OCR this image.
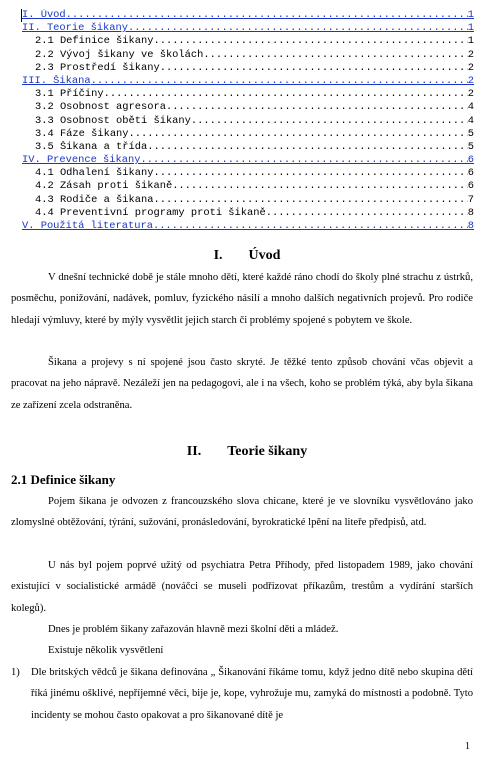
I. Úvod .....	1
II. Teorie šikany .....	1
2.1 Definice šikany .....	1
2.2 Vývoj šikany ve školách .....	2
2.3 Prostředí šikany .....	2
III. Šikana .....	2
3.1 Příčiny .....	2
3.2 Osobnost agresora .....	4
3.3 Osobnost oběti šikany .....	4
3.4 Fáze šikany .....	5
3.5 Šikana a třída .....	5
IV. Prevence šikany .....	6
4.1 Odhalení šikany .....	6
4.2 Zásah proti šikaně .....	6
4.3 Rodiče a šikana .....	7
4.4 Preventivní programy proti šikaně .....	8
V. Použitá literatura .....	8
I. Úvod

V dnešní technické době je stále mnoho dětí, které každé ráno chodí do školy plné strachu z ústrků, posměchu, ponižování, nadávek, pomluv, fyzického násilí a mnoho dalších negativních projevů. Pro rodiče hledají výmluvy, které by mýly vysvětlit jejich starch či problémy spojené s pobytem ve škole.

Šikana a projevy s ní spojené jsou často skryté. Je těžké tento způsob chování včas objevit a pracovat na jeho nápravě. Nezáleží jen na pedagogovi, ale i na všech, koho se problém týká, aby byla šikana ze zařízení zcela odstraněna.

II. Teorie šikany
2.1 Definice šikany

Pojem šikana je odvozen z francouzského slova chicane, které je ve slovníku vysvětlováno jako zlomyslné obtěžování, týrání, sužování, pronásledování, byrokratické lpění na liteře předpisů, atd.

U nás byl pojem poprvé užitý od psychiatra Petra Příhody, před listopadem 1989, jako chování existující v socialistické armádě (nováčci se museli podřizovat příkazům, trestům a vydírání starších kolegů).

Dnes je problém šikany zařazován hlavně mezi školní děti a mládež.

Existuje několik vysvětlení

1) Dle britských vědců je šikana definována „ Šikanování říkáme tomu, když jedno dítě nebo skupina dětí říká jinému ošklivé, nepříjemné věci, bije je, kope, vyhrožuje mu, zamyká do místnosti a podobně. Tyto incidenty se mohou často opakovat a pro šikanované dítě je
1
